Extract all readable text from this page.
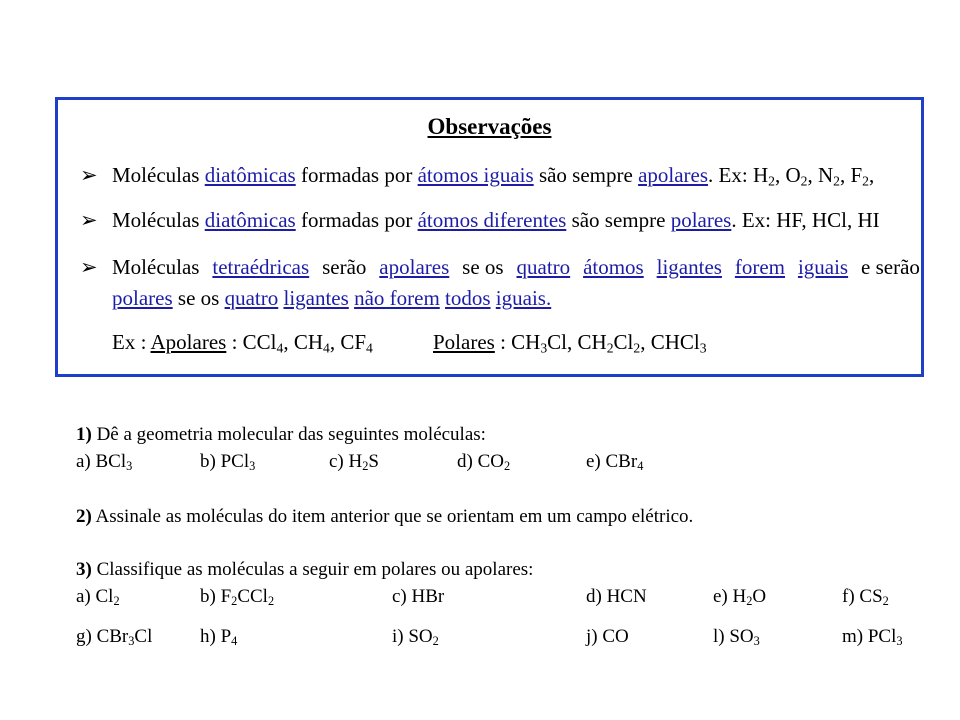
Observações
➢ Moléculas diatômicas formadas por átomos iguais são sempre apolares. Ex: $H_2$, $O_2$, $N_2$, $F_2$,
➢ Moléculas diatômicas formadas por átomos diferentes são sempre polares. Ex: HF, HCl, HI
➢ Moléculas tetraédricas serão apolares se os quatro átomos ligantes forem iguais e serão
polares se os quatro ligantes não forem todos iguais.
Ex : Apolares : CCl$_4$, $CH_4$, $CF_4$	Polares : $CH_3Cl$, $CH_2Cl_2$, CHCl$_3$
1) Dê a geometria molecular das seguintes moléculas:
a) BCl$_3$	b) PCl$_3$	c) $H_2S$	d) $CO_2$	e) CBr$_4$
2) Assinale as moléculas do item anterior que se orientam em um campo elétrico.
3) Classifique as moléculas a seguir em polares ou apolares:
a) $Cl_2$	b) $F_2CCl_2$	c) HBr	d) HCN	e) $H_2O$	f) $CS_2$
g) CBr$_3$Cl	h) $P_4$	i) $SO_2$	j) CO	l) $SO_3$	m) PCl$_3$
